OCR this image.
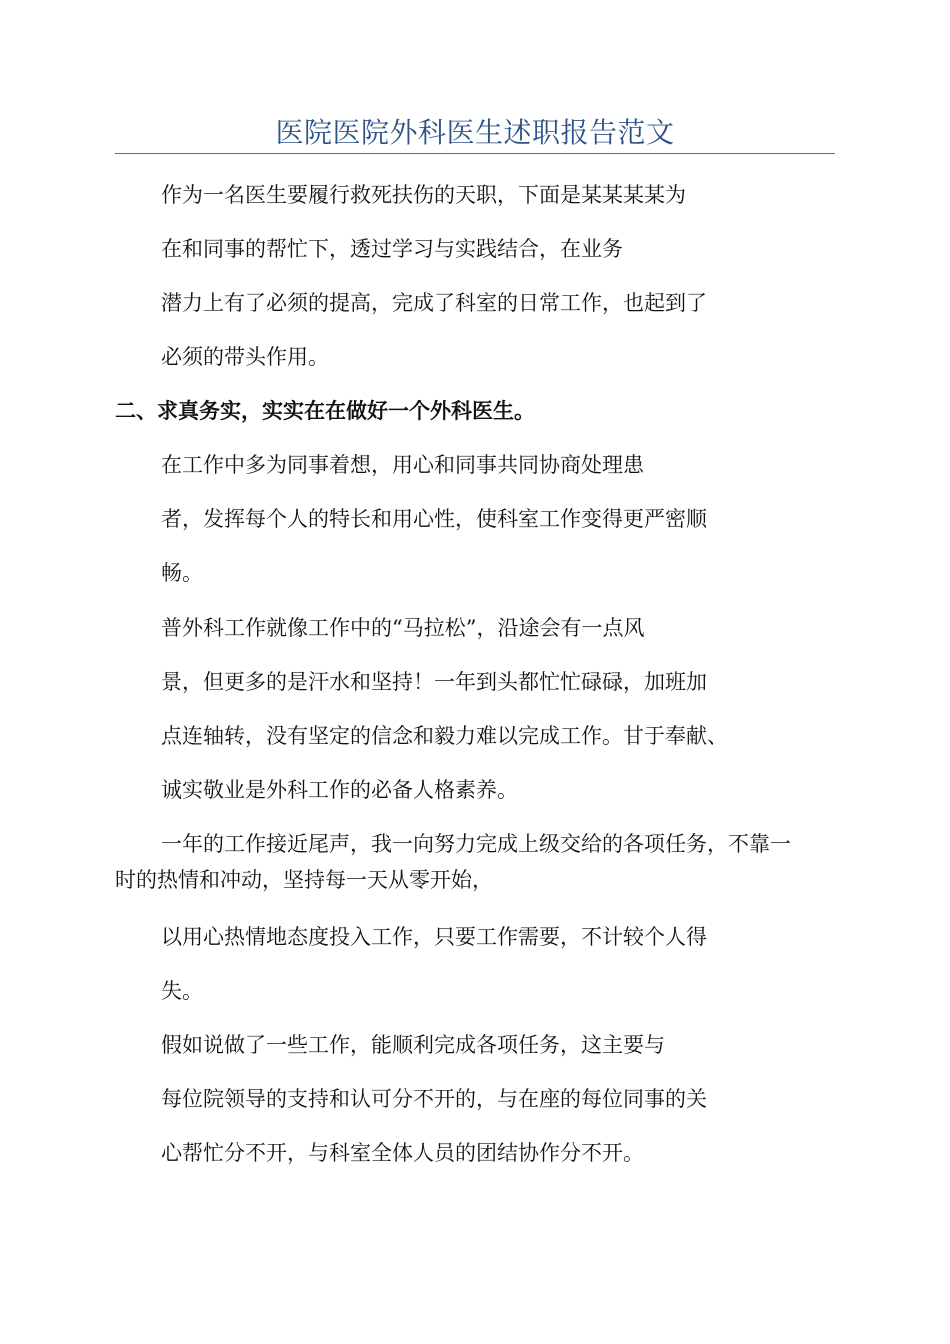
医院医院外科医生述职报告范文
作为一名医生要履行救死扶伤的天职，下面是某某某某为
在和同事的帮忙下，透过学习与实践结合，在业务
潜力上有了必须的提高，完成了科室的日常工作，也起到了
必须的带头作用。
二、求真务实，实实在在做好一个外科医生。
在工作中多为同事着想，用心和同事共同协商处理患
者，发挥每个人的特长和用心性，使科室工作变得更严密顺
畅。
普外科工作就像工作中的“马拉松”，沿途会有一点风
景，但更多的是汗水和坚持！一年到头都忙忙碌碌，加班加
点连轴转，没有坚定的信念和毅力难以完成工作。甘于奉献、
诚实敬业是外科工作的必备人格素养。
一年的工作接近尾声，我一向努力完成上级交给的各项任务，不靠一
时的热情和冲动，坚持每一天从零开始，
以用心热情地态度投入工作，只要工作需要，不计较个人得
失。
假如说做了一些工作，能顺利完成各项任务，这主要与
每位院领导的支持和认可分不开的，与在座的每位同事的关
心帮忙分不开，与科室全体人员的团结协作分不开。
